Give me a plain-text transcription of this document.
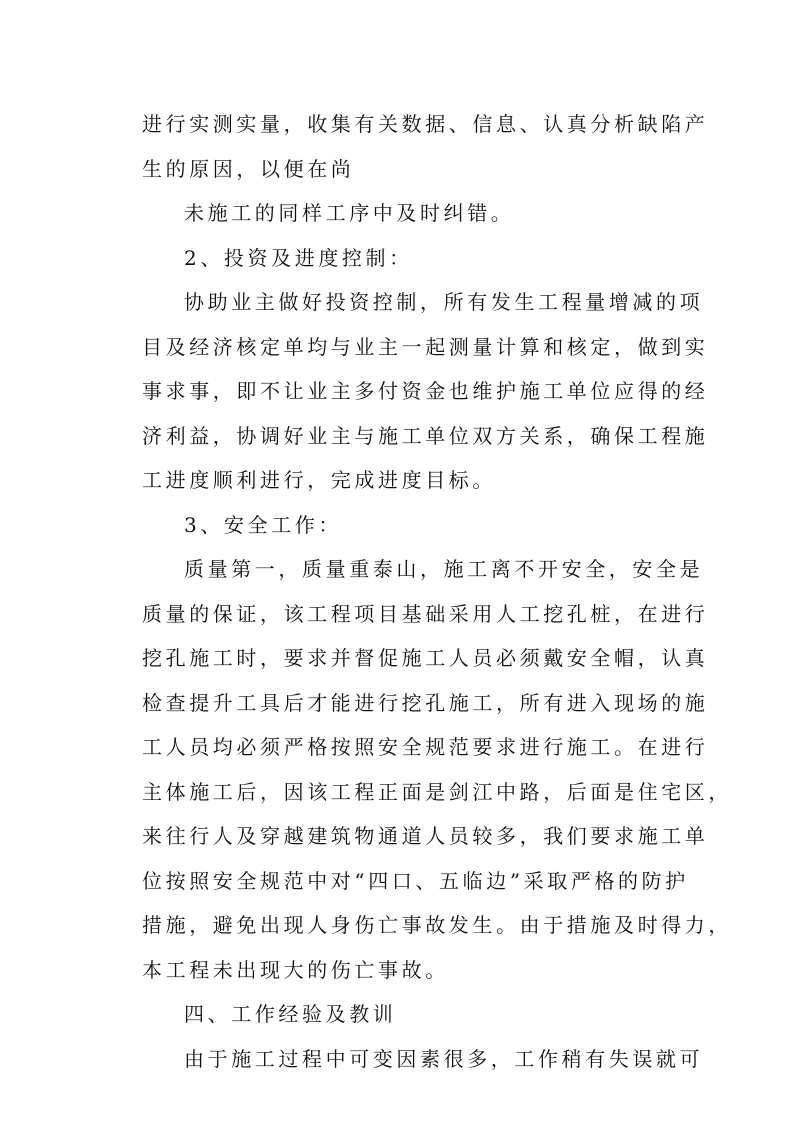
进行实测实量，收集有关数据、信息、认真分析缺陷产
生的原因，以便在尚
未施工的同样工序中及时纠错。
2、投资及进度控制：
协助业主做好投资控制，所有发生工程量增减的项
目及经济核定单均与业主一起测量计算和核定，做到实
事求事，即不让业主多付资金也维护施工单位应得的经
济利益，协调好业主与施工单位双方关系，确保工程施
工进度顺利进行，完成进度目标。
3、安全工作：
质量第一，质量重泰山，施工离不开安全，安全是
质量的保证，该工程项目基础采用人工挖孔桩，在进行
挖孔施工时，要求并督促施工人员必须戴安全帽，认真
检查提升工具后才能进行挖孔施工，所有进入现场的施
工人员均必须严格按照安全规范要求进行施工。在进行
主体施工后，因该工程正面是剑江中路，后面是住宅区，
来往行人及穿越建筑物通道人员较多，我们要求施工单
位按照安全规范中对“四口、五临边”采取严格的防护
措施，避免出现人身伤亡事故发生。由于措施及时得力，
本工程未出现大的伤亡事故。
四、工作经验及教训
由于施工过程中可变因素很多，工作稍有失误就可
